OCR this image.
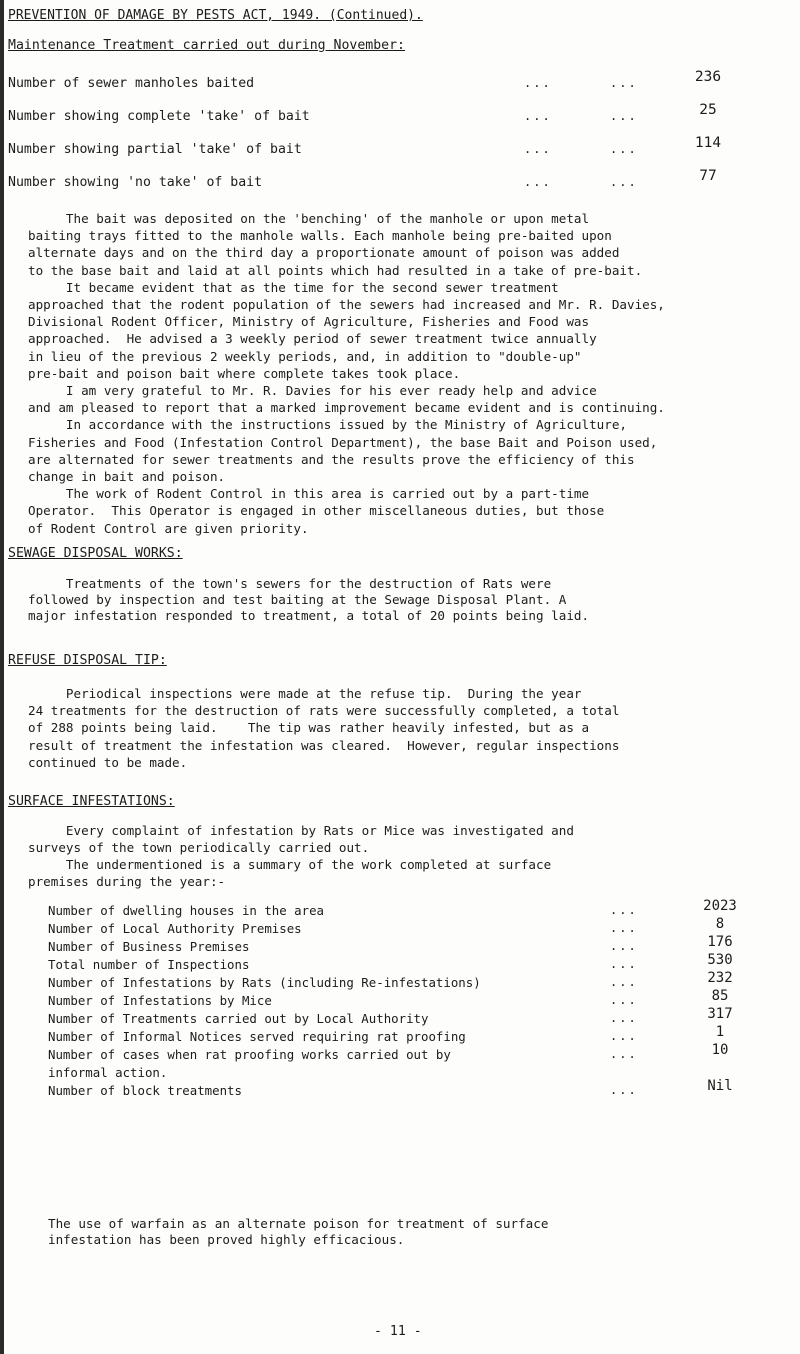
PREVENTION OF DAMAGE BY PESTS ACT, 1949. (Continued).
Maintenance Treatment carried out during November:
Number of sewer manholes baited	...	...	236
Number showing complete 'take' of bait	...	...	25
Number showing partial 'take' of bait	...	...	114
Number showing 'no take' of bait	...	...	77
The bait was deposited on the 'benching' of the manhole or upon metal
baiting trays fitted to the manhole walls. Each manhole being pre-baited upon
alternate days and on the third day a proportionate amount of poison was added
to the base bait and laid at all points which had resulted in a take of pre-bait.
It became evident that as the time for the second sewer treatment
approached that the rodent population of the sewers had increased and Mr. R. Davies,
Divisional Rodent Officer, Ministry of Agriculture, Fisheries and Food was
approached.  He advised a 3 weekly period of sewer treatment twice annually
in lieu of the previous 2 weekly periods, and, in addition to "double-up"
pre-bait and poison bait where complete takes took place.
I am very grateful to Mr. R. Davies for his ever ready help and advice
and am pleased to report that a marked improvement became evident and is continuing.
In accordance with the instructions issued by the Ministry of Agriculture,
Fisheries and Food (Infestation Control Department), the base Bait and Poison used,
are alternated for sewer treatments and the results prove the efficiency of this
change in bait and poison.
The work of Rodent Control in this area is carried out by a part-time
Operator.  This Operator is engaged in other miscellaneous duties, but those
of Rodent Control are given priority.
SEWAGE DISPOSAL WORKS:
Treatments of the town's sewers for the destruction of Rats were
followed by inspection and test baiting at the Sewage Disposal Plant. A
major infestation responded to treatment, a total of 20 points being laid.
REFUSE DISPOSAL TIP:
Periodical inspections were made at the refuse tip.  During the year
24 treatments for the destruction of rats were successfully completed, a total
of 288 points being laid.    The tip was rather heavily infested, but as a
result of treatment the infestation was cleared.  However, regular inspections
continued to be made.
SURFACE INFESTATIONS:
Every complaint of infestation by Rats or Mice was investigated and
surveys of the town periodically carried out.
The undermentioned is a summary of the work completed at surface
premises during the year:-
Number of dwelling houses in the area	...	2023
Number of Local Authority Premises	...	8
Number of Business Premises	...	176
Total number of Inspections	...	530
Number of Infestations by Rats (including Re-infestations)	...	232
Number of Infestations by Mice	...	85
Number of Treatments carried out by Local Authority	...	317
Number of Informal Notices served requiring rat proofing	...	1
Number of cases when rat proofing works carried out by	...	10
informal action.
Number of block treatments	...	Nil
The use of warfain as an alternate poison for treatment of surface
infestation has been proved highly efficacious.
- 11 -
